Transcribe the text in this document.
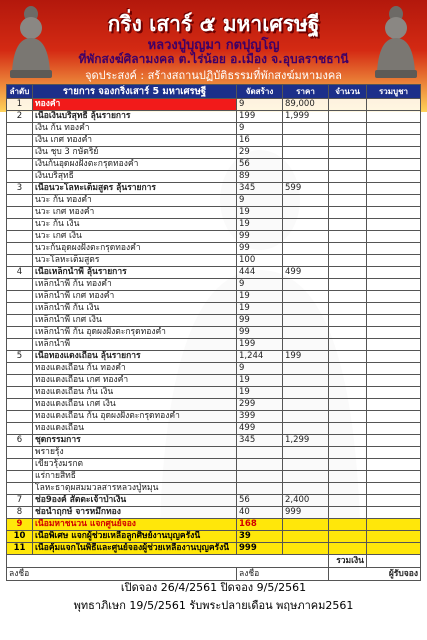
กริ่ง เสาร์ ๕ มหาเศรษฐี
หลวงปู่บุญมา กตปุญโญ
ที่พักสงฆ์ศิลามงคล ต.ไร่น้อย อ.เมือง จ.อุบลราชธานี
จุดประสงค์ : สร้างสถานปฏิบัติธรรมที่พักสงฆ์มหามงคล
ลำดับ	รายการ จองกริ่งเสาร์ 5 มหาเศรษฐี	จัดสร้าง	ราคา	จำนวน	รวมบูชา
1	ทองคำ	9	89,000		
2	เนื้อเงินบริสุทธิ์ ลุ้นรายการ	199	1,999		
	เงิน ก้น ทองคำ	9			
	เงิน เกศ ทองคำ	16			
	เงิน ชุบ 3 กษัตริย์	29			
	เงินก้นอุดผงฝังตะกรุดทองคำ	56			
	เงินบริสุทธิ์	89			
3	เนื้อนวะโลหะเต็มสูตร ลุ้นรายการ	345	599		
	นวะ ก้น ทองคำ	9			
	นวะ เกศ ทองคำ	19			
	นวะ ก้น เงิน	19			
	นวะ เกศ เงิน	99			
	นวะก้นอุดผงฝังตะกรุดทองคำ	99			
	นวะโลหะเต็มสูตร	100			
4	เนื้อเหล็กน้ำพี้ ลุ้นรายการ	444	499		
	เหล็กน้ำพี้ ก้น ทองคำ	9			
	เหล็กน้ำพี้ เกศ ทองคำ	19			
	เหล็กน้ำพี้ ก้น เงิน	19			
	เหล็กน้ำพี้ เกศ เงิน	99			
	เหล็กน้ำพี้ ก้น อุดผงฝังตะกรุดทองคำ	99			
	เหล็กน้ำพี้	199			
5	เนื้อทองแดงเถื่อน ลุ้นรายการ	1,244	199		
	ทองแดงเถื่อน ก้น ทองคำ	9			
	ทองแดงเถื่อน เกศ ทองคำ	19			
	ทองแดงเถื่อน ก้น เงิน	19			
	ทองแดงเถื่อน เกศ เงิน	299			
	ทองแดงเถื่อน ก้น อุดผงฝังตะกรุดทองคำ	399			
	ทองแดงเถื่อน	499			
6	ชุดกรรมการ	345	1,299		
	พรายรุ้ง				
	เขียวรุ้งมรกต				
	แร่กายสิทธิ์				
	โลหะธาตุผสมมวลสารหลวงปู่หมุน				
7	ช่อ9องค์ สัตตะเจ้าป่าเงิน	56	2,400		
8	ช่อน้ำฤกษ์ จารหมึกทอง	40	999		
9	เนื้อมหาชนวน แจกศูนย์จอง	168			
10	เนื้อพิเศษ แจกผู้ช่วยเหลือลูกศิษย์งานบุญครั้งนี้	39			
11	เนื้อคุ้มแจกในพิธีและศูนย์จองผู้ช่วยเหลืองานบุญครั้งนี้	999			
				รวมเงิน	
ลงชื่อ		ลงชื่อ		ผู้รับจอง	
เปิดจอง 26/4/2561 ปิดจอง 9/5/2561
พุทธาภิเษก 19/5/2561 รับพระปลายเดือน พฤษภาคม2561
